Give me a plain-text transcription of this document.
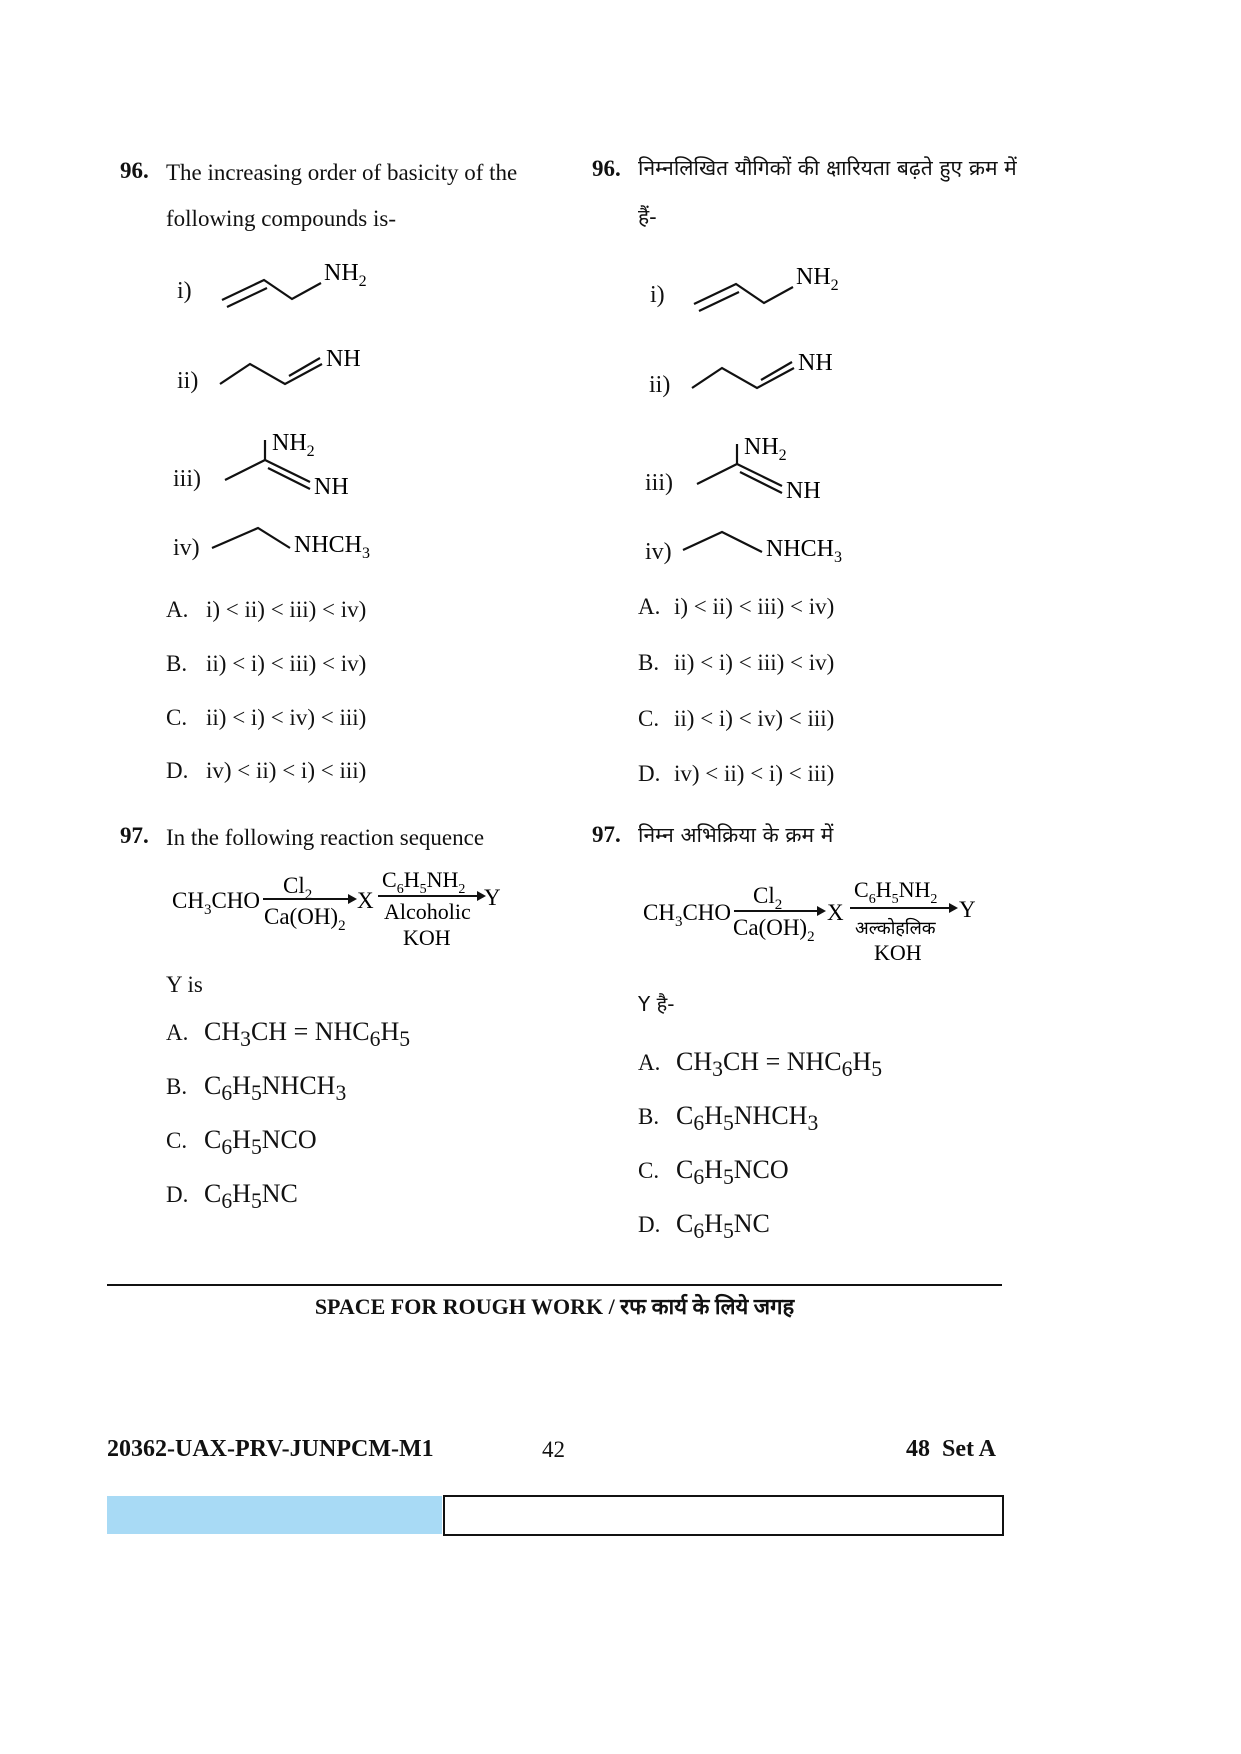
96. The increasing order of basicity of the
following compounds is-
i)
$NH_2$
ii)
NH
iii)
$NH_2$
NH
iv)	$NHCH_3$
A. i) < ii) < iii) < iv)
B. ii) < i) < iii) < iv)
C. ii) < i) < iv) < iii)
D. iv) < ii) < i) < iii)
97. In the following reaction sequence
$CH_3CHO$
$Cl_2$
$Ca(OH)_2$
X
$C_6H_5NH_2$
Alcoholic
KOH
Y
Y is
A. $CH_3CH = NHC_6H_5$
B. $C_6H_5NHCH_3$
C. $C_6H_5NCO$
D. $C_6H_5NC$
96. निम्नलिखित यौगिकों की क्षारियता बढ़ते हुए क्रम में
हैं-
i)
$NH_2$
ii)
NH
iii)
$NH_2$
NH
iv)	$NHCH_3$
A. i) < ii) < iii) < iv)
B. ii) < i) < iii) < iv)
C. ii) < i) < iv) < iii)
D. iv) < ii) < i) < iii)
97. निम्न अभिक्रिया के क्रम में
$CH_3CHO$
$Cl_2$
$Ca(OH)_2$
X
$C_6H_5NH_2$
अल्कोहलिक
KOH
Y
Y है-
A. $CH_3CH = NHC_6H_5$
B. $C_6H_5NHCH_3$
C. $C_6H_5NCO$
D. $C_6H_5NC$
SPACE FOR ROUGH WORK / रफ कार्य के लिये जगह
20362-UAX-PRV-JUNPCM-M1	42	48 Set A
